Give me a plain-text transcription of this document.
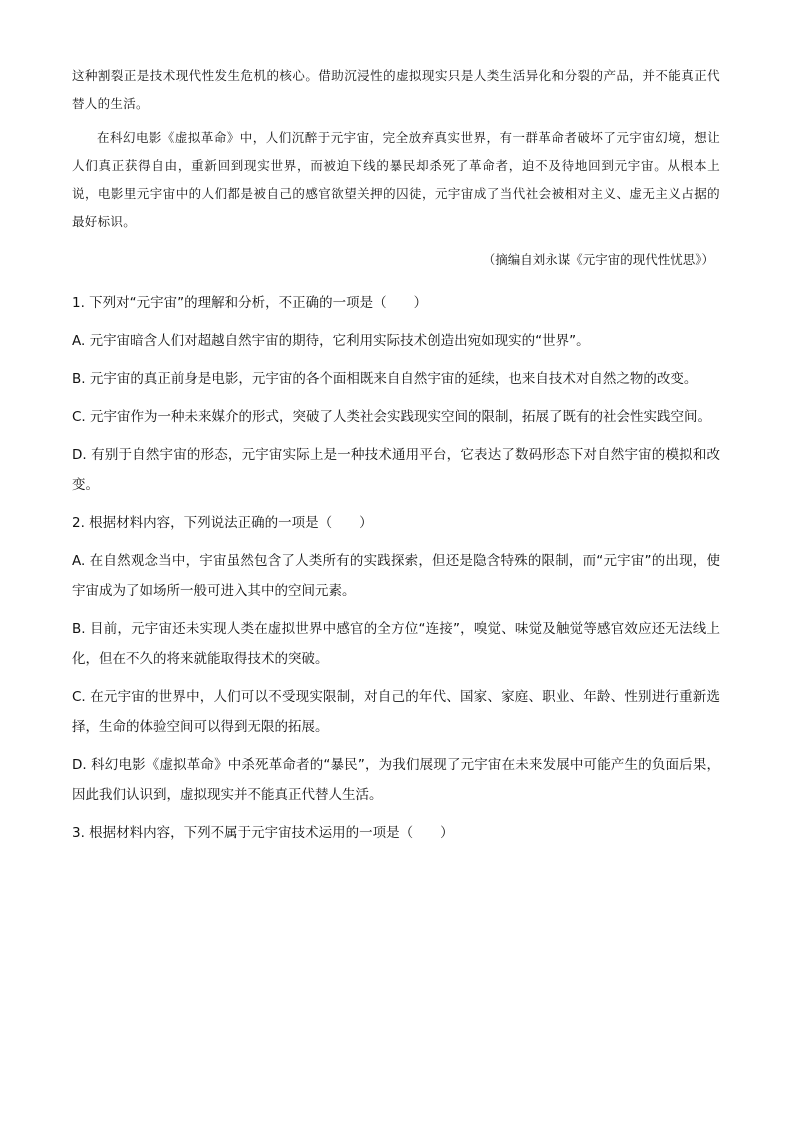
这种割裂正是技术现代性发生危机的核心。借助沉浸性的虚拟现实只是人类生活异化和分裂的产品，并不能真正代替人的生活。

在科幻电影《虚拟革命》中，人们沉醉于元宇宙，完全放弃真实世界，有一群革命者破坏了元宇宙幻境，想让人们真正获得自由，重新回到现实世界，而被迫下线的暴民却杀死了革命者，迫不及待地回到元宇宙。从根本上说，电影里元宇宙中的人们都是被自己的感官欲望关押的囚徒，元宇宙成了当代社会被相对主义、虚无主义占据的最好标识。

（摘编自刘永谋《元宇宙的现代性忧思》）

1. 下列对“元宇宙”的理解和分析，不正确的一项是（　　）

A. 元宇宙暗含人们对超越自然宇宙的期待，它利用实际技术创造出宛如现实的“世界”。

B. 元宇宙的真正前身是电影，元宇宙的各个面相既来自自然宇宙的延续，也来自技术对自然之物的改变。

C. 元宇宙作为一种未来媒介的形式，突破了人类社会实践现实空间的限制，拓展了既有的社会性实践空间。

D. 有别于自然宇宙的形态，元宇宙实际上是一种技术通用平台，它表达了数码形态下对自然宇宙的模拟和改变。

2. 根据材料内容，下列说法正确的一项是（　　）

A. 在自然观念当中，宇宙虽然包含了人类所有的实践探索，但还是隐含特殊的限制，而“元宇宙”的出现，使宇宙成为了如场所一般可进入其中的空间元素。

B. 目前，元宇宙还未实现人类在虚拟世界中感官的全方位“连接”，嗅觉、味觉及触觉等感官效应还无法线上化，但在不久的将来就能取得技术的突破。

C. 在元宇宙的世界中，人们可以不受现实限制，对自己的年代、国家、家庭、职业、年龄、性别进行重新选择，生命的体验空间可以得到无限的拓展。

D. 科幻电影《虚拟革命》中杀死革命者的“暴民”，为我们展现了元宇宙在未来发展中可能产生的负面后果，因此我们认识到，虚拟现实并不能真正代替人生活。

3. 根据材料内容，下列不属于元宇宙技术运用的一项是（　　）
